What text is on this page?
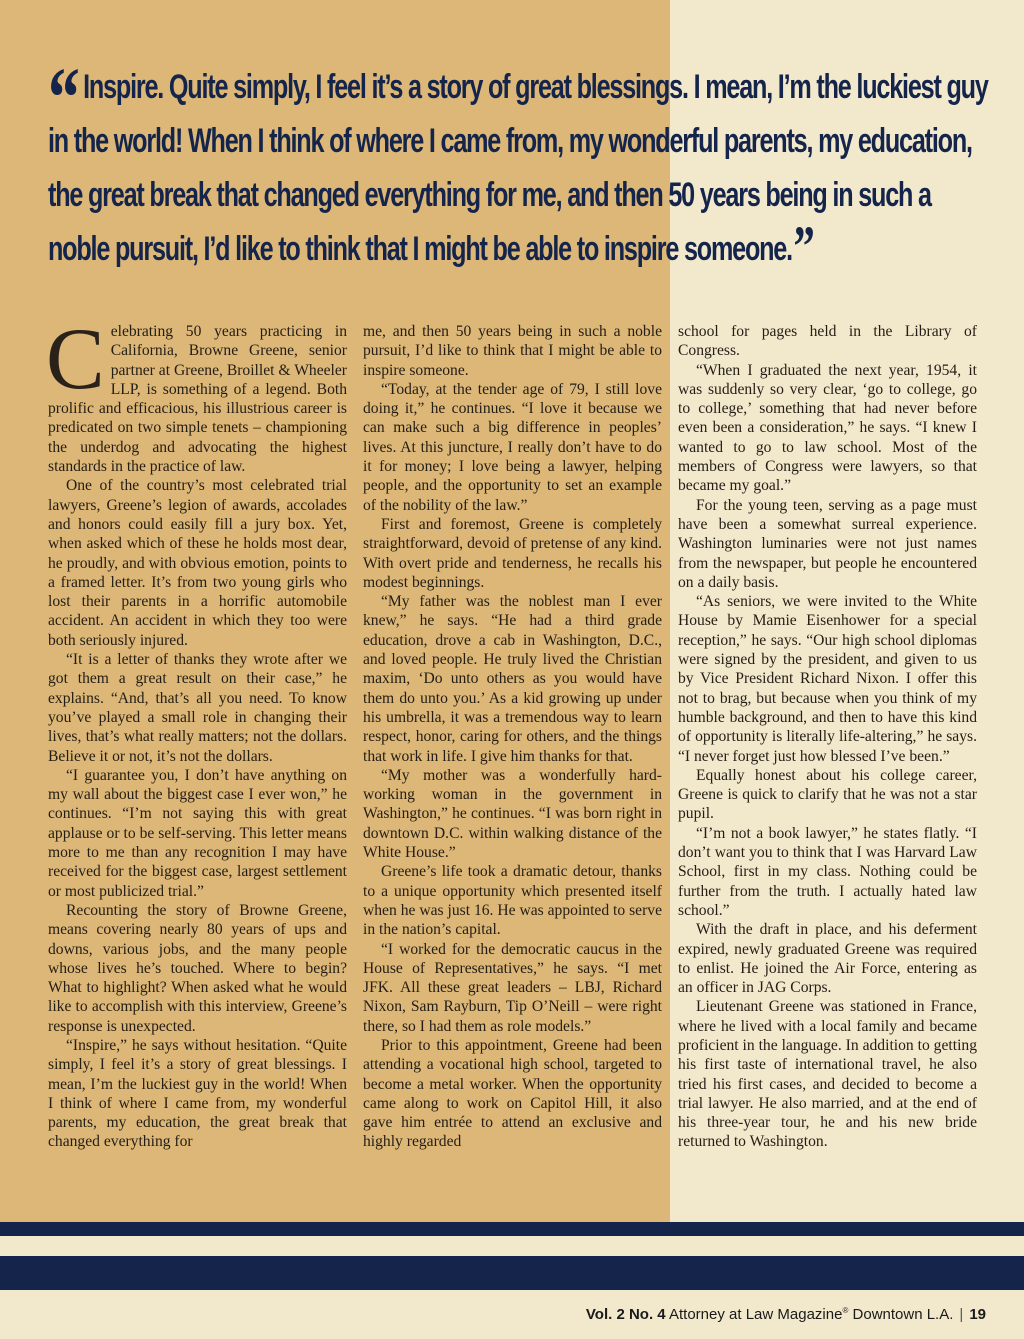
“ Inspire. Quite simply, I feel it’s a story of great blessings. I mean, I’m the luckiest guy in the world! When I think of where I came from, my wonderful parents, my education, the great break that changed everything for me, and then 50 years being in such a noble pursuit, I’d like to think that I might be able to inspire someone.”

Celebrating 50 years practicing in California, Browne Greene, senior partner at Greene, Broillet & Wheeler LLP, is something of a legend. Both prolific and efficacious, his illustrious career is predicated on two simple tenets – championing the underdog and advocating the highest standards in the practice of law.

One of the country’s most celebrated trial lawyers, Greene’s legion of awards, accolades and honors could easily fill a jury box. Yet, when asked which of these he holds most dear, he proudly, and with obvious emotion, points to a framed letter. It’s from two young girls who lost their parents in a horrific automobile accident. An accident in which they too were both seriously injured.

“It is a letter of thanks they wrote after we got them a great result on their case,” he explains. “And, that’s all you need. To know you’ve played a small role in changing their lives, that’s what really matters; not the dollars. Believe it or not, it’s not the dollars.

“I guarantee you, I don’t have anything on my wall about the biggest case I ever won,” he continues. “I’m not saying this with great applause or to be self-serving. This letter means more to me than any recognition I may have received for the biggest case, largest settlement or most publicized trial.”

Recounting the story of Browne Greene, means covering nearly 80 years of ups and downs, various jobs, and the many people whose lives he’s touched. Where to begin? What to highlight? When asked what he would like to accomplish with this interview, Greene’s response is unexpected.

“Inspire,” he says without hesitation. “Quite simply, I feel it’s a story of great blessings. I mean, I’m the luckiest guy in the world! When I think of where I came from, my wonderful parents, my education, the great break that changed everything for

me, and then 50 years being in such a noble pursuit, I’d like to think that I might be able to inspire someone.

“Today, at the tender age of 79, I still love doing it,” he continues. “I love it because we can make such a big difference in peoples’ lives. At this juncture, I really don’t have to do it for money; I love being a lawyer, helping people, and the opportunity to set an example of the nobility of the law.”

First and foremost, Greene is completely straightforward, devoid of pretense of any kind. With overt pride and tenderness, he recalls his modest beginnings.

“My father was the noblest man I ever knew,” he says. “He had a third grade education, drove a cab in Washington, D.C., and loved people. He truly lived the Christian maxim, ‘Do unto others as you would have them do unto you.’ As a kid growing up under his umbrella, it was a tremendous way to learn respect, honor, caring for others, and the things that work in life. I give him thanks for that.

“My mother was a wonderfully hard-working woman in the government in Washington,” he continues. “I was born right in downtown D.C. within walking distance of the White House.”

Greene’s life took a dramatic detour, thanks to a unique opportunity which presented itself when he was just 16. He was appointed to serve in the nation’s capital.

“I worked for the democratic caucus in the House of Representatives,” he says. “I met JFK. All these great leaders – LBJ, Richard Nixon, Sam Rayburn, Tip O’Neill – were right there, so I had them as role models.”

Prior to this appointment, Greene had been attending a vocational high school, targeted to become a metal worker. When the opportunity came along to work on Capitol Hill, it also gave him entrée to attend an exclusive and highly regarded

school for pages held in the Library of Congress.

“When I graduated the next year, 1954, it was suddenly so very clear, ‘go to college, go to college,’ something that had never before even been a consideration,” he says. “I knew I wanted to go to law school. Most of the members of Congress were lawyers, so that became my goal.”

For the young teen, serving as a page must have been a somewhat surreal experience. Washington luminaries were not just names from the newspaper, but people he encountered on a daily basis.

“As seniors, we were invited to the White House by Mamie Eisenhower for a special reception,” he says. “Our high school diplomas were signed by the president, and given to us by Vice President Richard Nixon. I offer this not to brag, but because when you think of my humble background, and then to have this kind of opportunity is literally life-altering,” he says. “I never forget just how blessed I’ve been.”

Equally honest about his college career, Greene is quick to clarify that he was not a star pupil.

“I’m not a book lawyer,” he states flatly. “I don’t want you to think that I was Harvard Law School, first in my class. Nothing could be further from the truth. I actually hated law school.”

With the draft in place, and his deferment expired, newly graduated Greene was required to enlist. He joined the Air Force, entering as an officer in JAG Corps.

Lieutenant Greene was stationed in France, where he lived with a local family and became proficient in the language. In addition to getting his first taste of international travel, he also tried his first cases, and decided to become a trial lawyer. He also married, and at the end of his three-year tour, he and his new bride returned to Washington.

Vol. 2 No. 4 Attorney at Law Magazine® Downtown L.A. | 19
